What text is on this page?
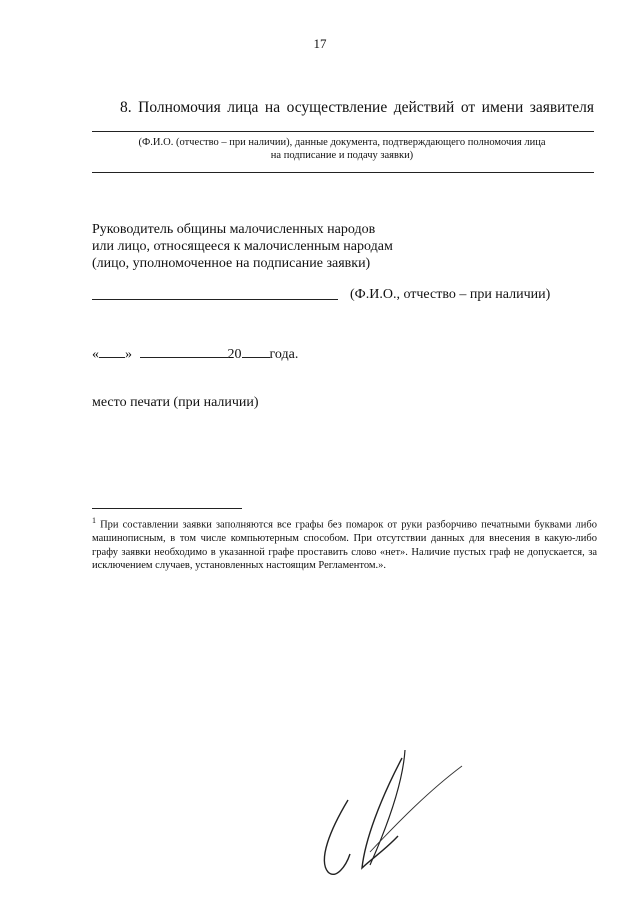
17
8. Полномочия лица на осуществление действий от имени заявителя
(Ф.И.О. (отчество – при наличии), данные документа, подтверждающего полномочия лица
на подписание и подачу заявки)
Руководитель общины малочисленных народов
или лицо, относящееся к малочисленным народам
(лицо, уполномоченное на подписание заявки)
(Ф.И.О., отчество – при наличии)
« »	20 года.
место печати (при наличии)
$^1$ При составлении заявки заполняются все графы без помарок от руки разборчиво печатными буквами либо машинописным, в том числе компьютерным способом. При отсутствии данных для внесения в какую-либо графу заявки необходимо в указанной графе проставить слово «нет». Наличие пустых граф не допускается, за исключением случаев, установленных настоящим Регламентом.».
